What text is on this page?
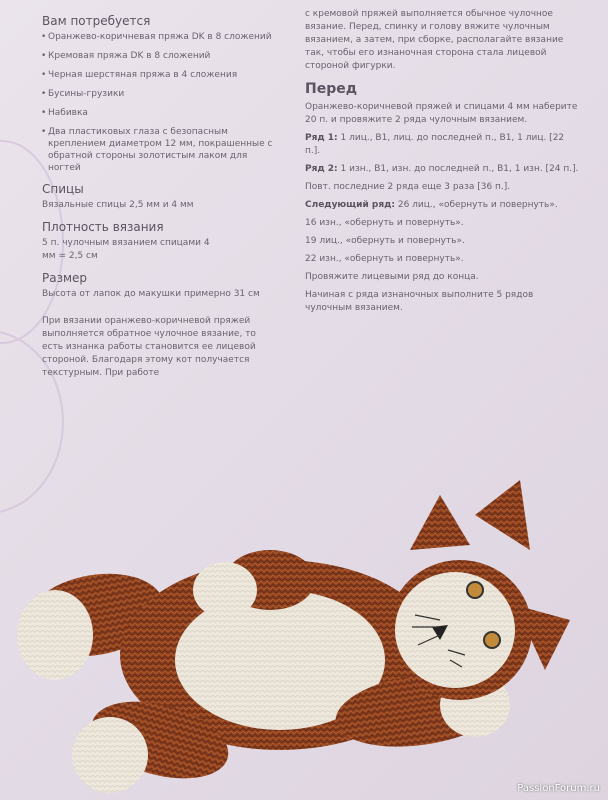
Вам потребуется
• Оранжево-коричневая пряжа DK в 8 сложений
• Кремовая пряжа DK в 8 сложений
• Черная шерстяная пряжа в 4 сложения
• Бусины-грузики
• Набивка
• Два пластиковых глаза с безопасным креплением диаметром 12 мм, покрашенные с обратной стороны золотистым лаком для ногтей
Спицы
Вязальные спицы 2,5 мм и 4 мм
Плотность вязания
5 п. чулочным вязанием спицами 4 мм = 2,5 см
Размер
Высота от лапок до макушки примерно 31 см
При вязании оранжево-коричневой пряжей выполняется обратное чулочное вязание, то есть изнанка работы становится ее лицевой стороной. Благодаря этому кот получается текстурным. При работе
с кремовой пряжей выполняется обычное чулочное вязание. Перед, спинку и голову вяжите чулочным вязанием, а затем, при сборке, располагайте вязание так, чтобы его изнаночная сторона стала лицевой стороной фигурки.
Перед
Оранжево-коричневой пряжей и спицами 4 мм наберите 20 п. и провяжите 2 ряда чулочным вязанием.
Ряд 1: 1 лиц., В1, лиц. до последней п., В1, 1 лиц. [22 п.].
Ряд 2: 1 изн., В1, изн. до последней п., В1, 1 изн. [24 п.].
Повт. последние 2 ряда еще 3 раза [36 п.].
Следующий ряд: 26 лиц., «обернуть и повернуть».
16 изн., «обернуть и повернуть».
19 лиц., «обернуть и повернуть».
22 изн., «обернуть и повернуть».
Провяжите лицевыми ряд до конца.
Начиная с ряда изнаночных выполните 5 рядов чулочным вязанием.
PassionForum.ru
